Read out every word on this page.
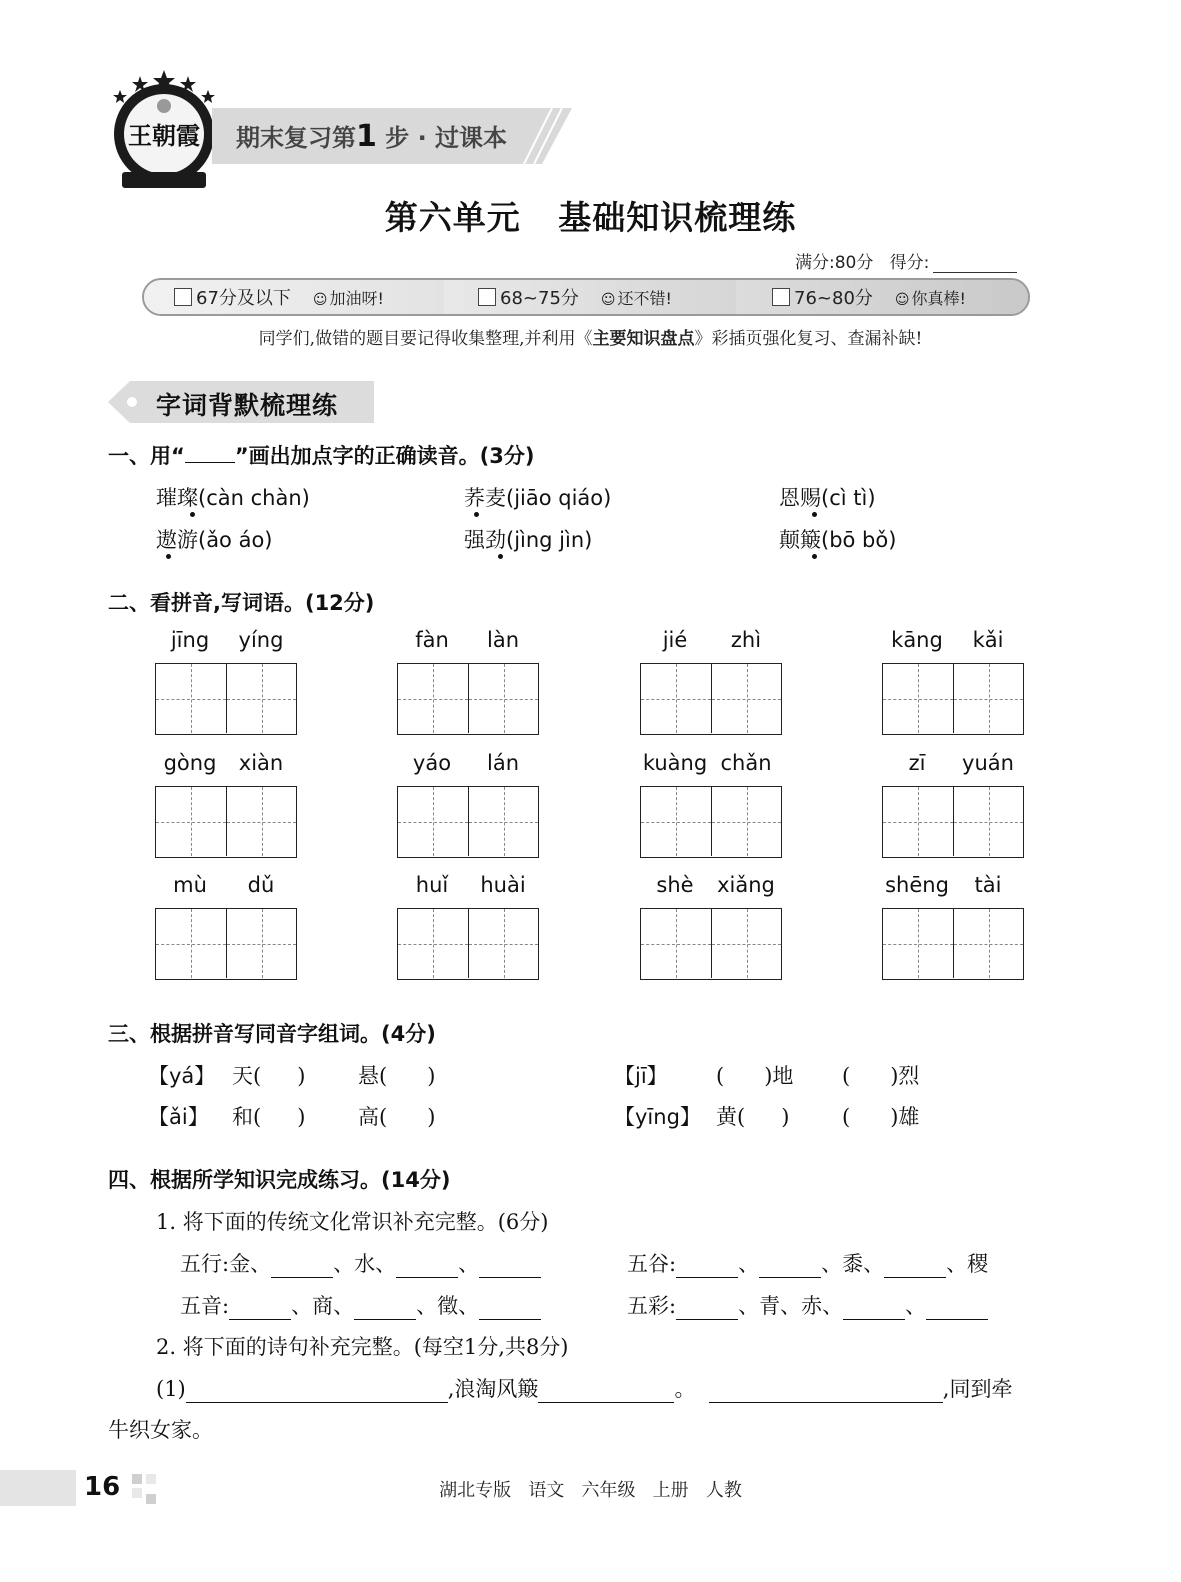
王朝霞 期末复习第1 步 · 过课本
第六单元   基础知识梳理练
满分:80分 得分:
67分及以下 ☺ 加油呀!	68~75分 ☺ 还不错!	76~80分 ☺ 你真棒!
同学们,做错的题目要记得收集整理,并利用《主要知识盘点》彩插页强化复习、查漏补缺!
字词背默梳理练
一、用“ ”画出加点字的正确读音。(3分)
璀璨(càn chàn)	荞麦(jiāo qiáo)	恩赐(cì tì)
遨游(ǎo áo)	强劲(jìng jìn)	颠簸(bō bǒ)
二、看拼音,写词语。(12分)
jīng	yíng	fàn	làn	jié	zhì	kāng	kǎi
gòng	xiàn	yáo	lán	kuàng chǎn	zī	yuán
mù	dǔ	huǐ	huài	shè	xiǎng	shēng	tài
三、根据拼音写同音字组词。(4分)
【yá】 天( )	悬( )	【jī】 ( )地 ( )烈
【ǎi】 和( )	高( )	【yīng】 黄( )	( )雄
四、根据所学知识完成练习。(14分)
1. 将下面的传统文化常识补充完整。(6分)
五行:金、	、水、	、	五谷:	、	、黍、	、稷
五音:	、商、	、徵、	五彩:	、青、赤、	、
2. 将下面的诗句补充完整。(每空1分,共8分)
(1)	,浪淘风簸	。	,同到牵
牛织女家。
16	湖北专版   语文   六年级   上册   人教
